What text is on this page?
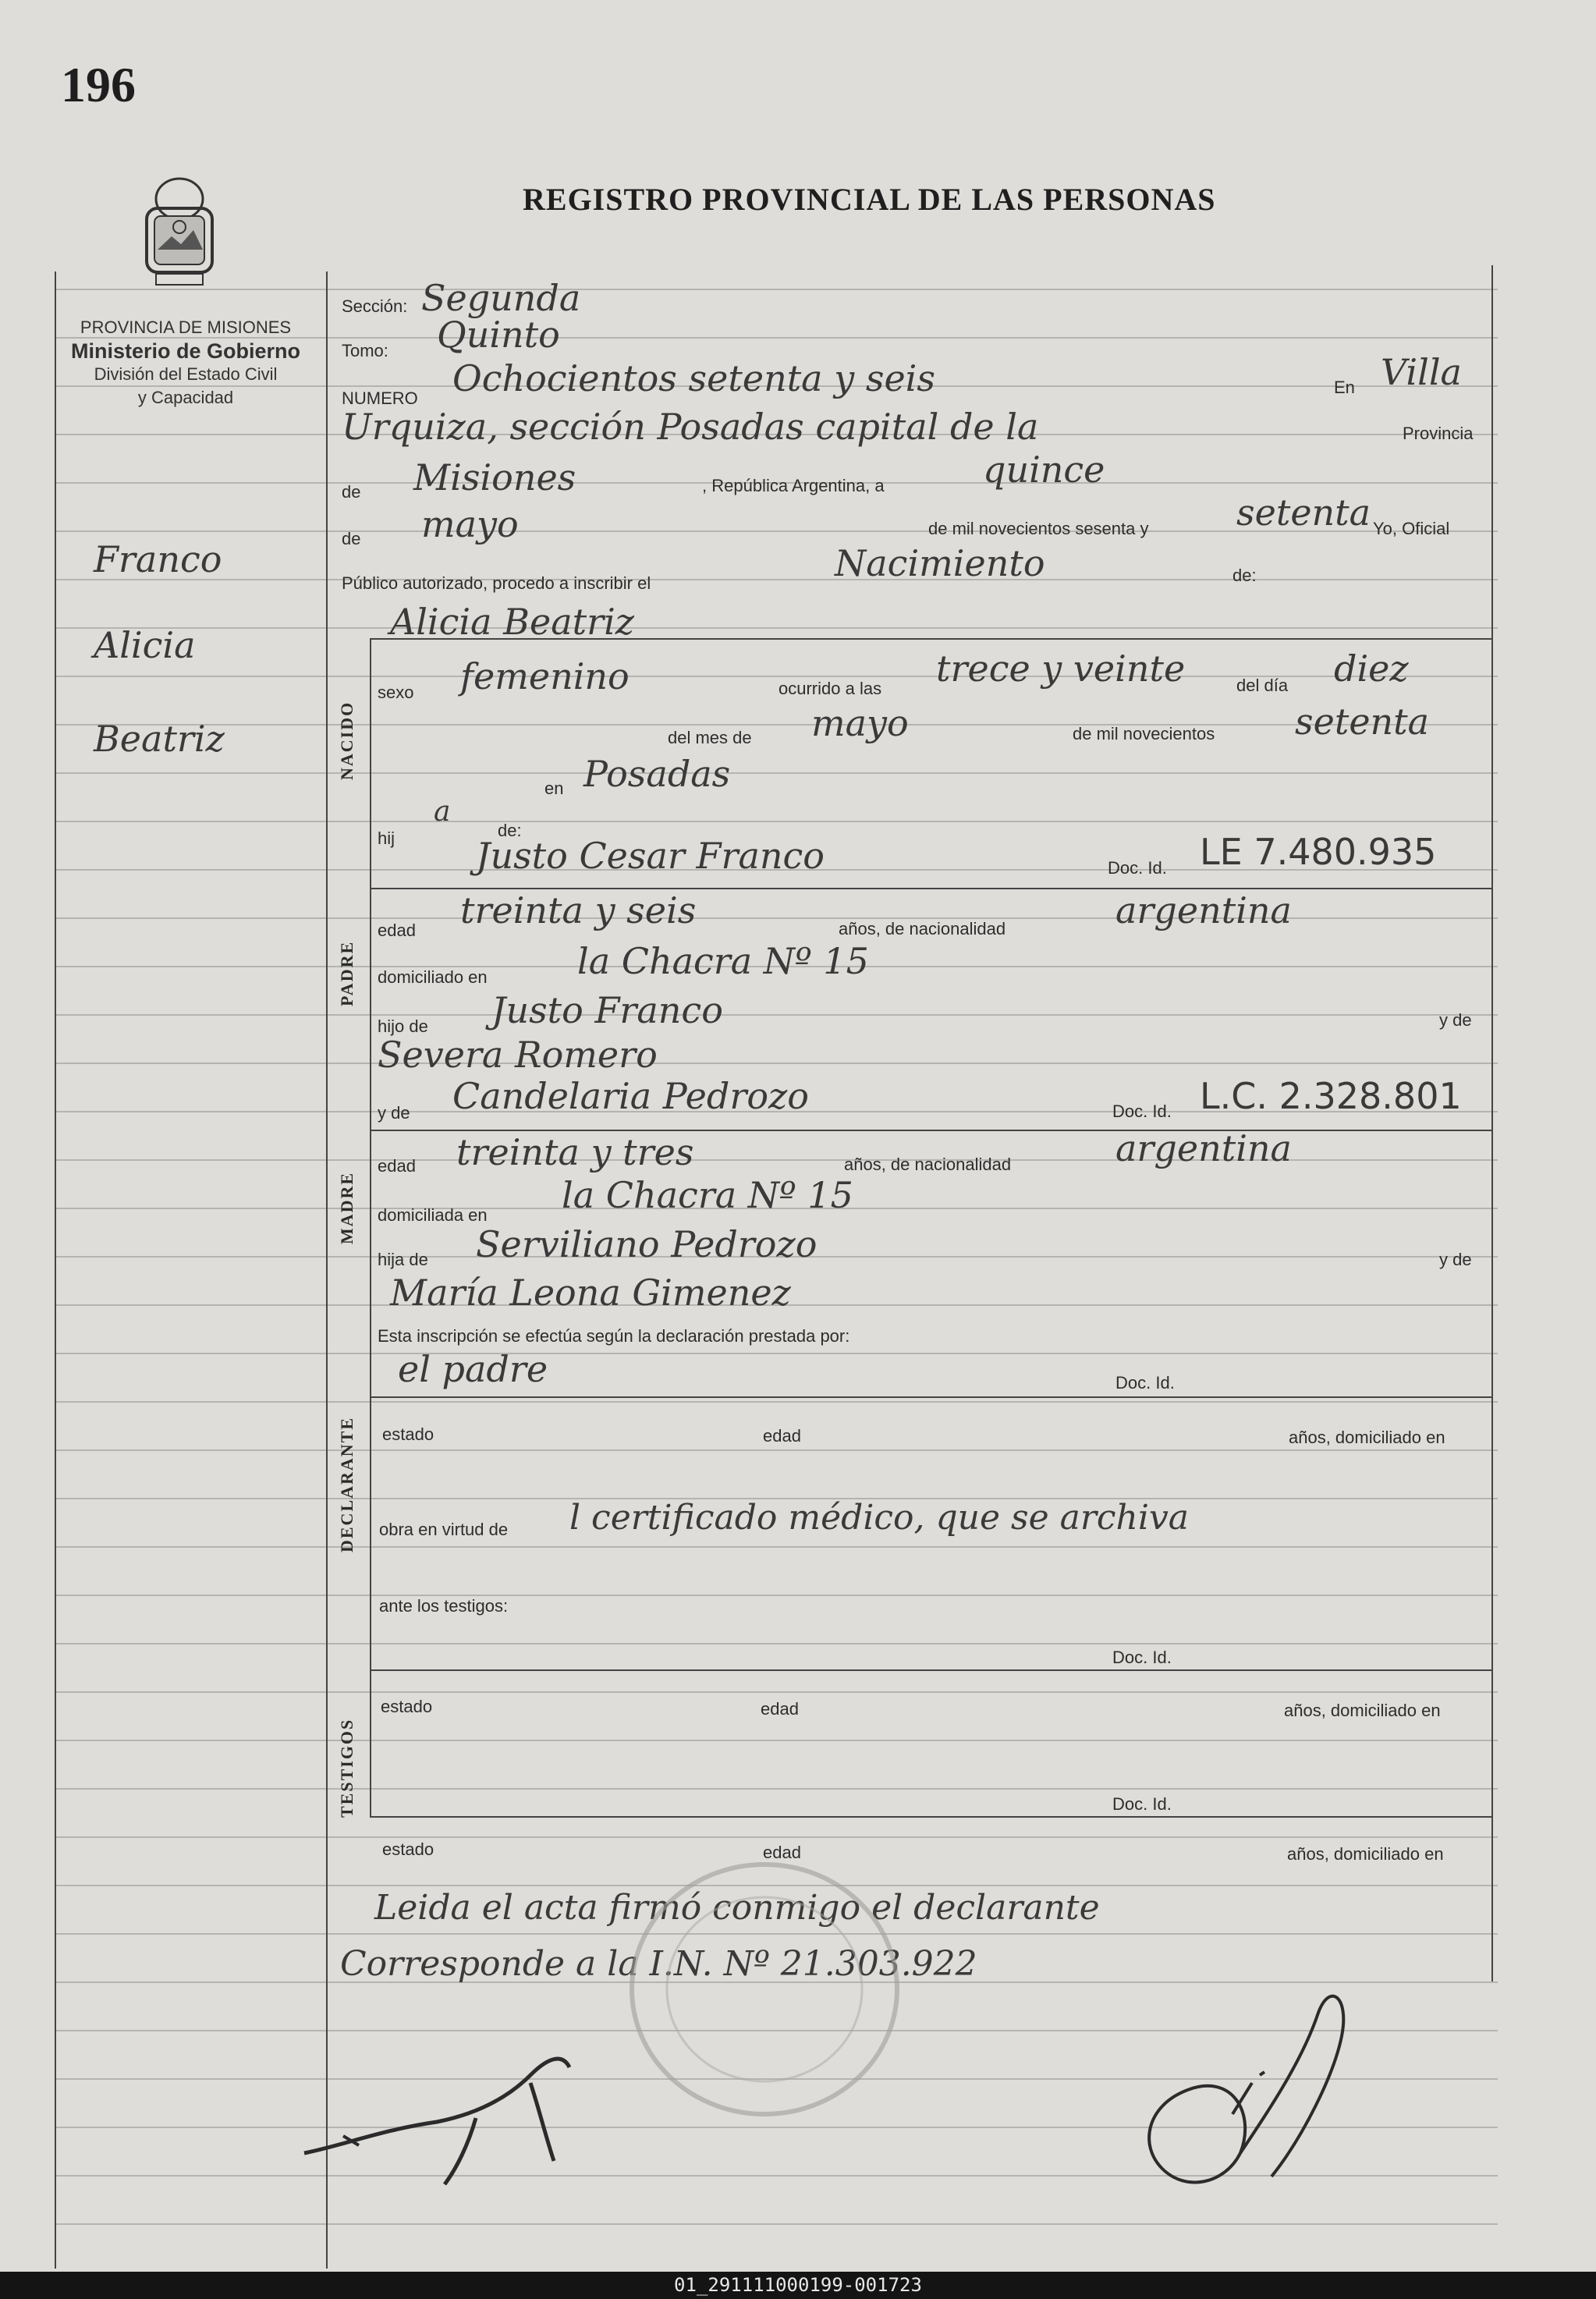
196
REGISTRO PROVINCIAL DE LAS PERSONAS
PROVINCIA DE MISIONES
Ministerio de Gobierno
División del Estado Civil
y Capacidad
Franco
Alicia
Beatriz
Sección: Segunda
Tomo: Quinto
NUMERO Ochocientos setenta y seis	En Villa
Urquiza, sección Posadas capital de la	Provincia
de Misiones	, República Argentina, a	quince
de mayo	de mil novecientos sesenta y setenta Yo, Oficial
Público autorizado, procedo a inscribir el	Nacimiento	de:
Alicia Beatriz
NACIDO
sexo femenino	ocurrido a las trece y veinte	del día diez
del mes de mayo	de mil novecientos setenta
en Posadas
hij
a
de:
Justo Cesar Franco	Doc. Id. LE 7.480.935
PADRE
edad treinta y seis	años, de nacionalidad	argentina
domiciliado en	la Chacra Nº 15
hijo de Justo Franco	y de
Severa Romero
y de Candelaria Pedrozo	Doc. Id. L.C. 2.328.801
MADRE
edad treinta y tres	años, de nacionalidad	argentina
domiciliada en la Chacra Nº 15
hija de Serviliano Pedrozo	y de
María Leona Gimenez
Esta inscripción se efectúa según la declaración prestada por:
el padre	Doc. Id.
DECLARANTE estado	edad	años, domiciliado en
obra en virtud de l certificado médico, que se archiva
ante los testigos:
Doc. Id.
TESTIGOS
estado	edad	años, domiciliado en
Doc. Id.
estado	edad	años, domiciliado en
Leida el acta firmó conmigo el declarante
Corresponde a la I.N. Nº 21.303.922
01_291111000199-001723
